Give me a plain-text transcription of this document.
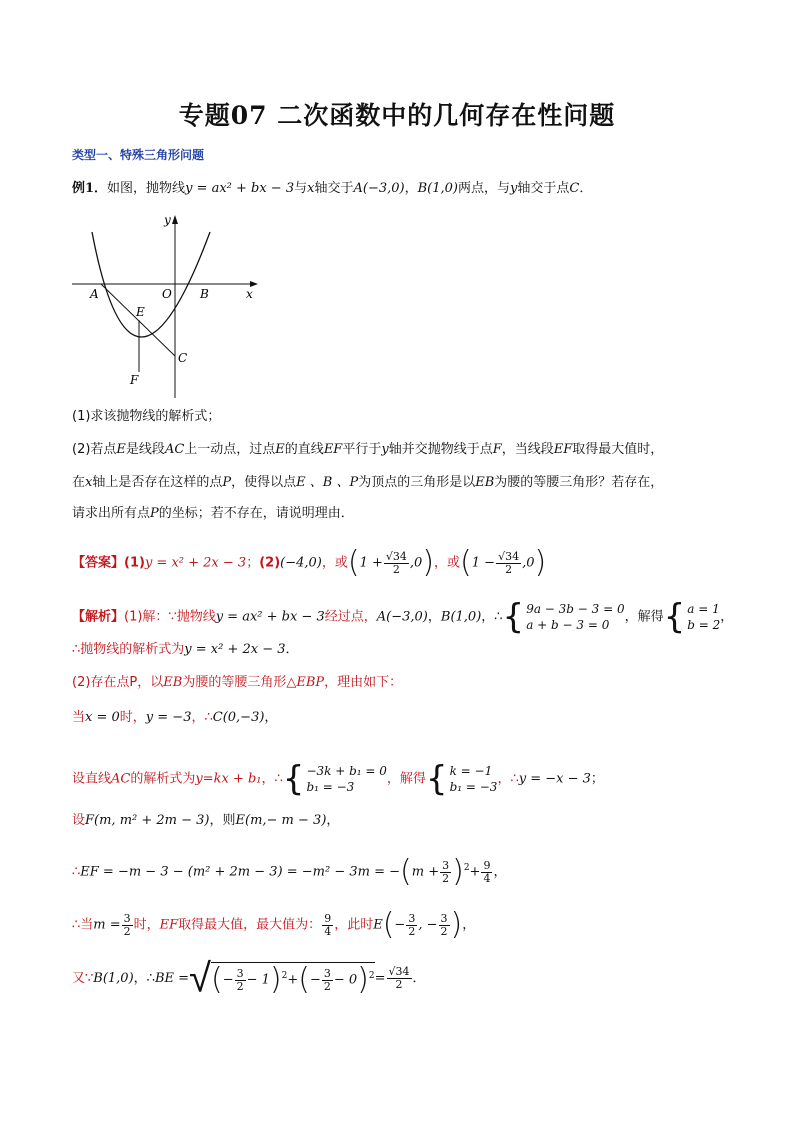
专题07 二次函数中的几何存在性问题
类型一、特殊三角形问题
例1．如图，抛物线y = ax² + bx − 3与x轴交于A(−3,0)，B(1,0)两点，与y轴交于点C．
y
x
O
A	B
E
C
F
(1)求该抛物线的解析式；
(2)若点E是线段AC上一动点，过点E的直线EF平行于y轴并交抛物线于点F，当线段EF取得最大值时，
在x轴上是否存在这样的点P，使得以点E 、B 、P为顶点的三角形是以EB为腰的等腰三角形？若存在，
请求出所有点P的坐标；若不存在，请说明理由．
【答案】(1)y = x² + 2x − 3；(2)(−4,0)，或$(1 + \frac{√34}{2} ,0)$，或$(1 - \frac{√34}{2} ,0)$
【解析】(1)解：∵抛物线y = ax² + bx − 3经过点，A(−3,0)，B(1,0)，∴ { 9a − 3b − 3 = 0
a + b − 3 = 0
，解得 { a = 1
b = 2
，
∴抛物线的解析式为y = x² + 2x − 3．
(2)存在点P，以EB为腰的等腰三角形△EBP，理由如下：
当x = 0时，y = −3，∴C(0,−3)，
设直线AC的解析式为y=kx + b₁，∴ { −3k + b₁ = 0
b₁ = −3
，解得 { k = −1
b₁ = −3
，∴y = −x − 3；
设F(m, m² + 2m − 3)，则E(m,− m − 3)，
∴EF = $-m - 3 - (m^2 + 2m - 3) = -m^2 - 3m = -(m + \frac{3}{2} )^2+ \frac{9}{4}$ ，
∴当$m = \frac{3}{2}$ 时，EF取得最大值，最大值为： $\frac{9}{4}$ ，此时$E(- \frac{3}{2}$ , − $\frac{3}{2}$ )，
又∵B(1,0)，∴BE =√(− $\frac{3}{2} - 1)^2+(- \frac{3}{2} - 0)^2= \frac{√34}{2}$ ．
